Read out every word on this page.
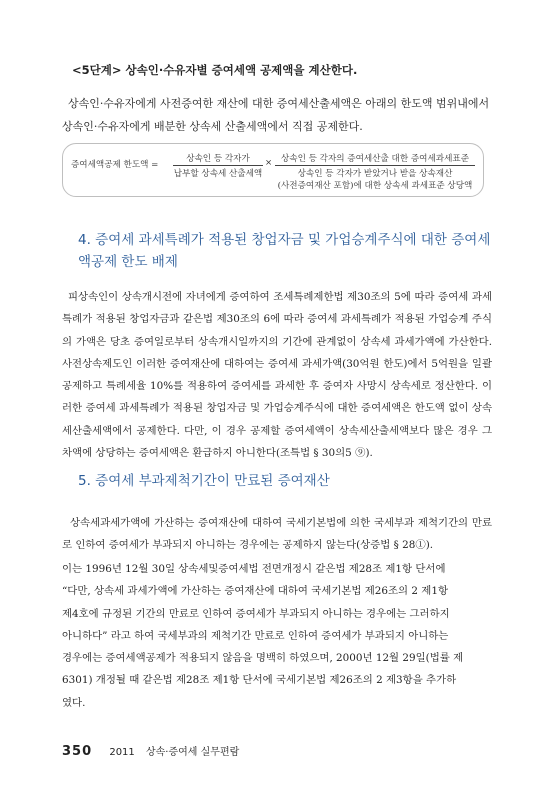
<5단계> 상속인·수유자별 증여세액 공제액을 계산한다.
상속인·수유자에게 사전증여한 재산에 대한 증여세산출세액은 아래의 한도액 범위내에서 상속인·수유자에게 배분한 상속세 산출세액에서 직접 공제한다.
증여세액공제 한도액 =
상속인 등 각자가
납부할 상속세 산출세액
×	상속인 등 각자의 증여세산출 대한 증여세과세표준
상속인 등 각자가 받았거나 받을 상속재산
(사전증여재산 포함)에 대한 상속세 과세표준 상당액
4. 증여세 과세특례가 적용된 창업자금 및 가업승계주식에 대한 증여세액공제 한도 배제
피상속인이 상속개시전에 자녀에게 증여하여 조세특례제한법 제30조의 5에 따라 증여세 과세특례가 적용된 창업자금과 같은법 제30조의 6에 따라 증여세 과세특례가 적용된 가업승계 주식의 가액은 당초 증여일로부터 상속개시일까지의 기간에 관계없이 상속세 과세가액에 가산한다. 사전상속제도인 이러한 증여재산에 대하여는 증여세 과세가액(30억원 한도)에서 5억원을 일괄공제하고 특례세율 10%를 적용하여 증여세를 과세한 후 증여자 사망시 상속세로 정산한다. 이러한 증여세 과세특례가 적용된 창업자금 및 가업승계주식에 대한 증여세액은 한도액 없이 상속세산출세액에서 공제한다. 다만, 이 경우 공제할 증여세액이 상속세산출세액보다 많은 경우 그 차액에 상당하는 증여세액은 환급하지 아니한다(조특법 § 30의5 ⑨).
5. 증여세 부과제척기간이 만료된 증여재산
상속세과세가액에 가산하는 증여재산에 대하여 국세기본법에 의한 국세부과 제척기간의 만료로 인하여 증여세가 부과되지 아니하는 경우에는 공제하지 않는다(상증법 § 28①).
이는 1996년 12월 30일 상속세및증여세법 전면개정시 같은법 제28조 제1항 단서에
“다만, 상속세 과세가액에 가산하는 증여재산에 대하여 국세기본법 제26조의 2 제1항
제4호에 규정된 기간의 만료로 인하여 증여세가 부과되지 아니하는 경우에는 그러하지
아니하다” 라고 하여 국세부과의 제척기간 만료로 인하여 증여세가 부과되지 아니하는
경우에는 증여세액공제가 적용되지 않음을 명백히 하였으며, 2000년 12월 29일(법률 제
6301) 개정될 때 같은법 제28조 제1항 단서에 국세기본법 제26조의 2 제3항을 추가하
였다.
350 2011 상속·증여세 실무편람
